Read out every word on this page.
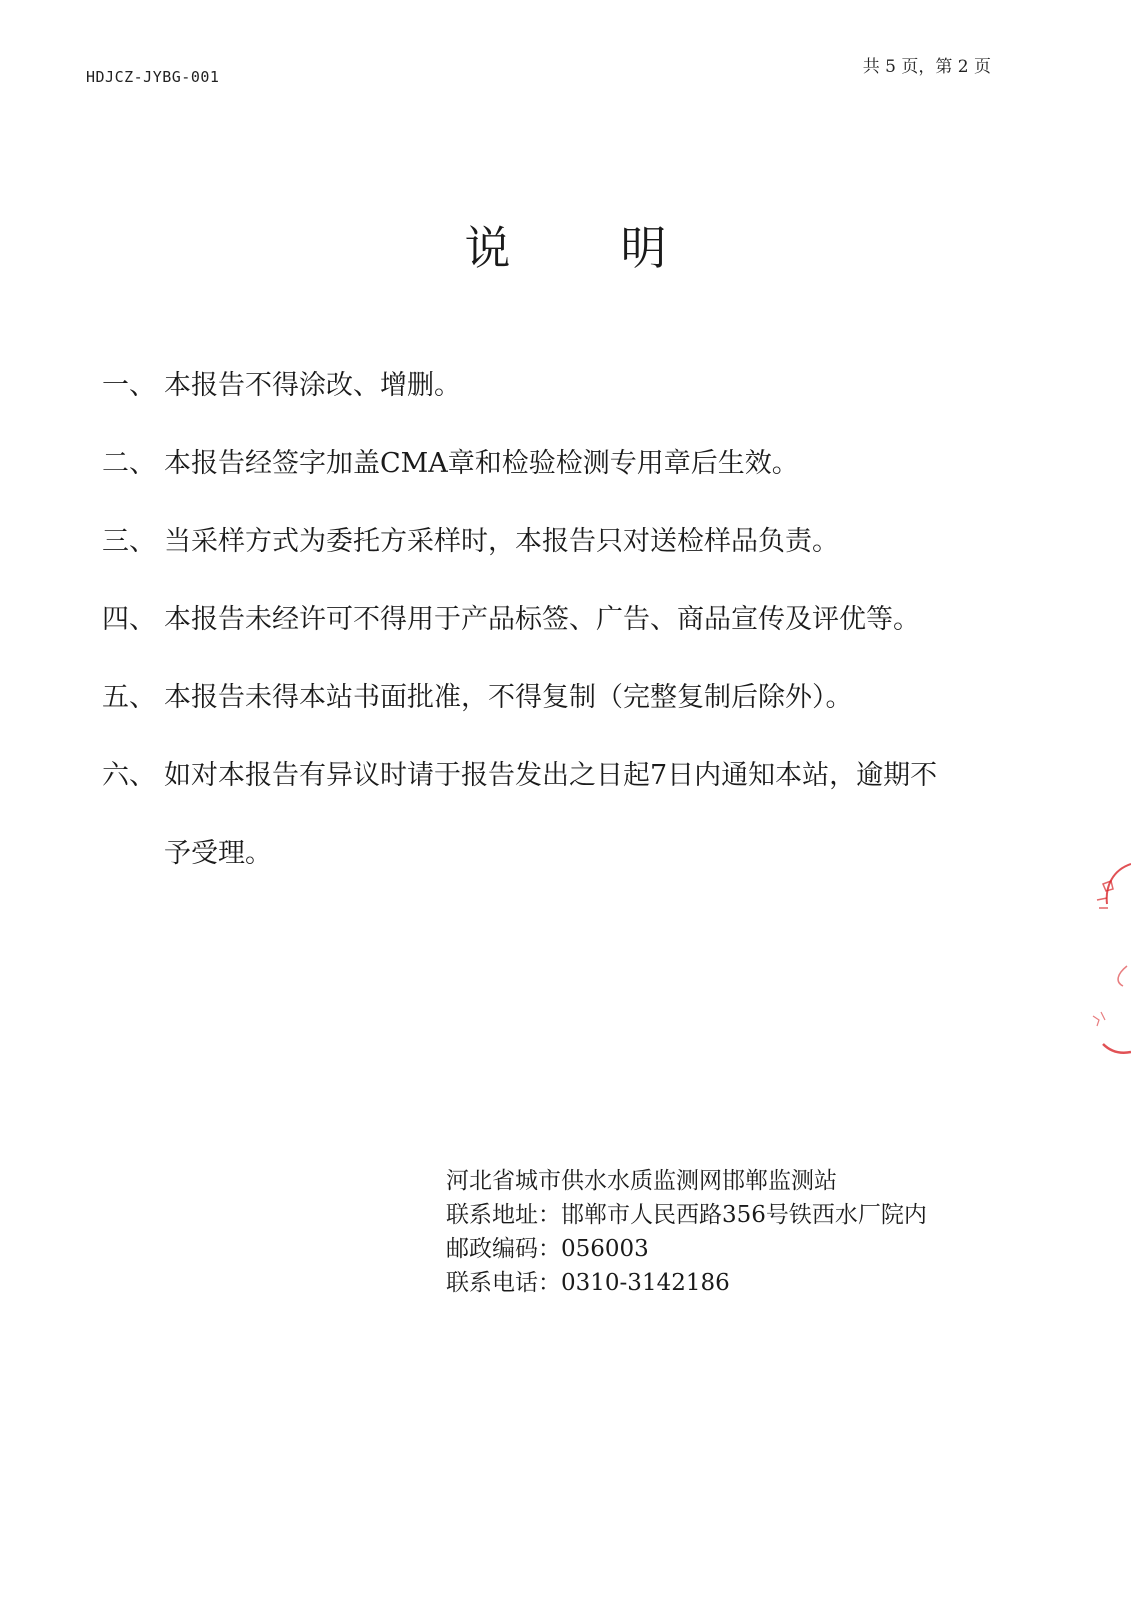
HDJCZ-JYBG-001	共 5 页，第 2 页
说 明
一、 本报告不得涂改、增删。
二、 本报告经签字加盖CMA章和检验检测专用章后生效。
三、 当采样方式为委托方采样时，本报告只对送检样品负责。
四、 本报告未经许可不得用于产品标签、广告、商品宣传及评优等。
五、 本报告未得本站书面批准，不得复制（完整复制后除外）。
六、 如对本报告有异议时请于报告发出之日起7日内通知本站，逾期不
予受理。
河北省城市供水水质监测网邯郸监测站
联系地址：邯郸市人民西路356号铁西水厂院内
邮政编码：056003
联系电话：0310-3142186
